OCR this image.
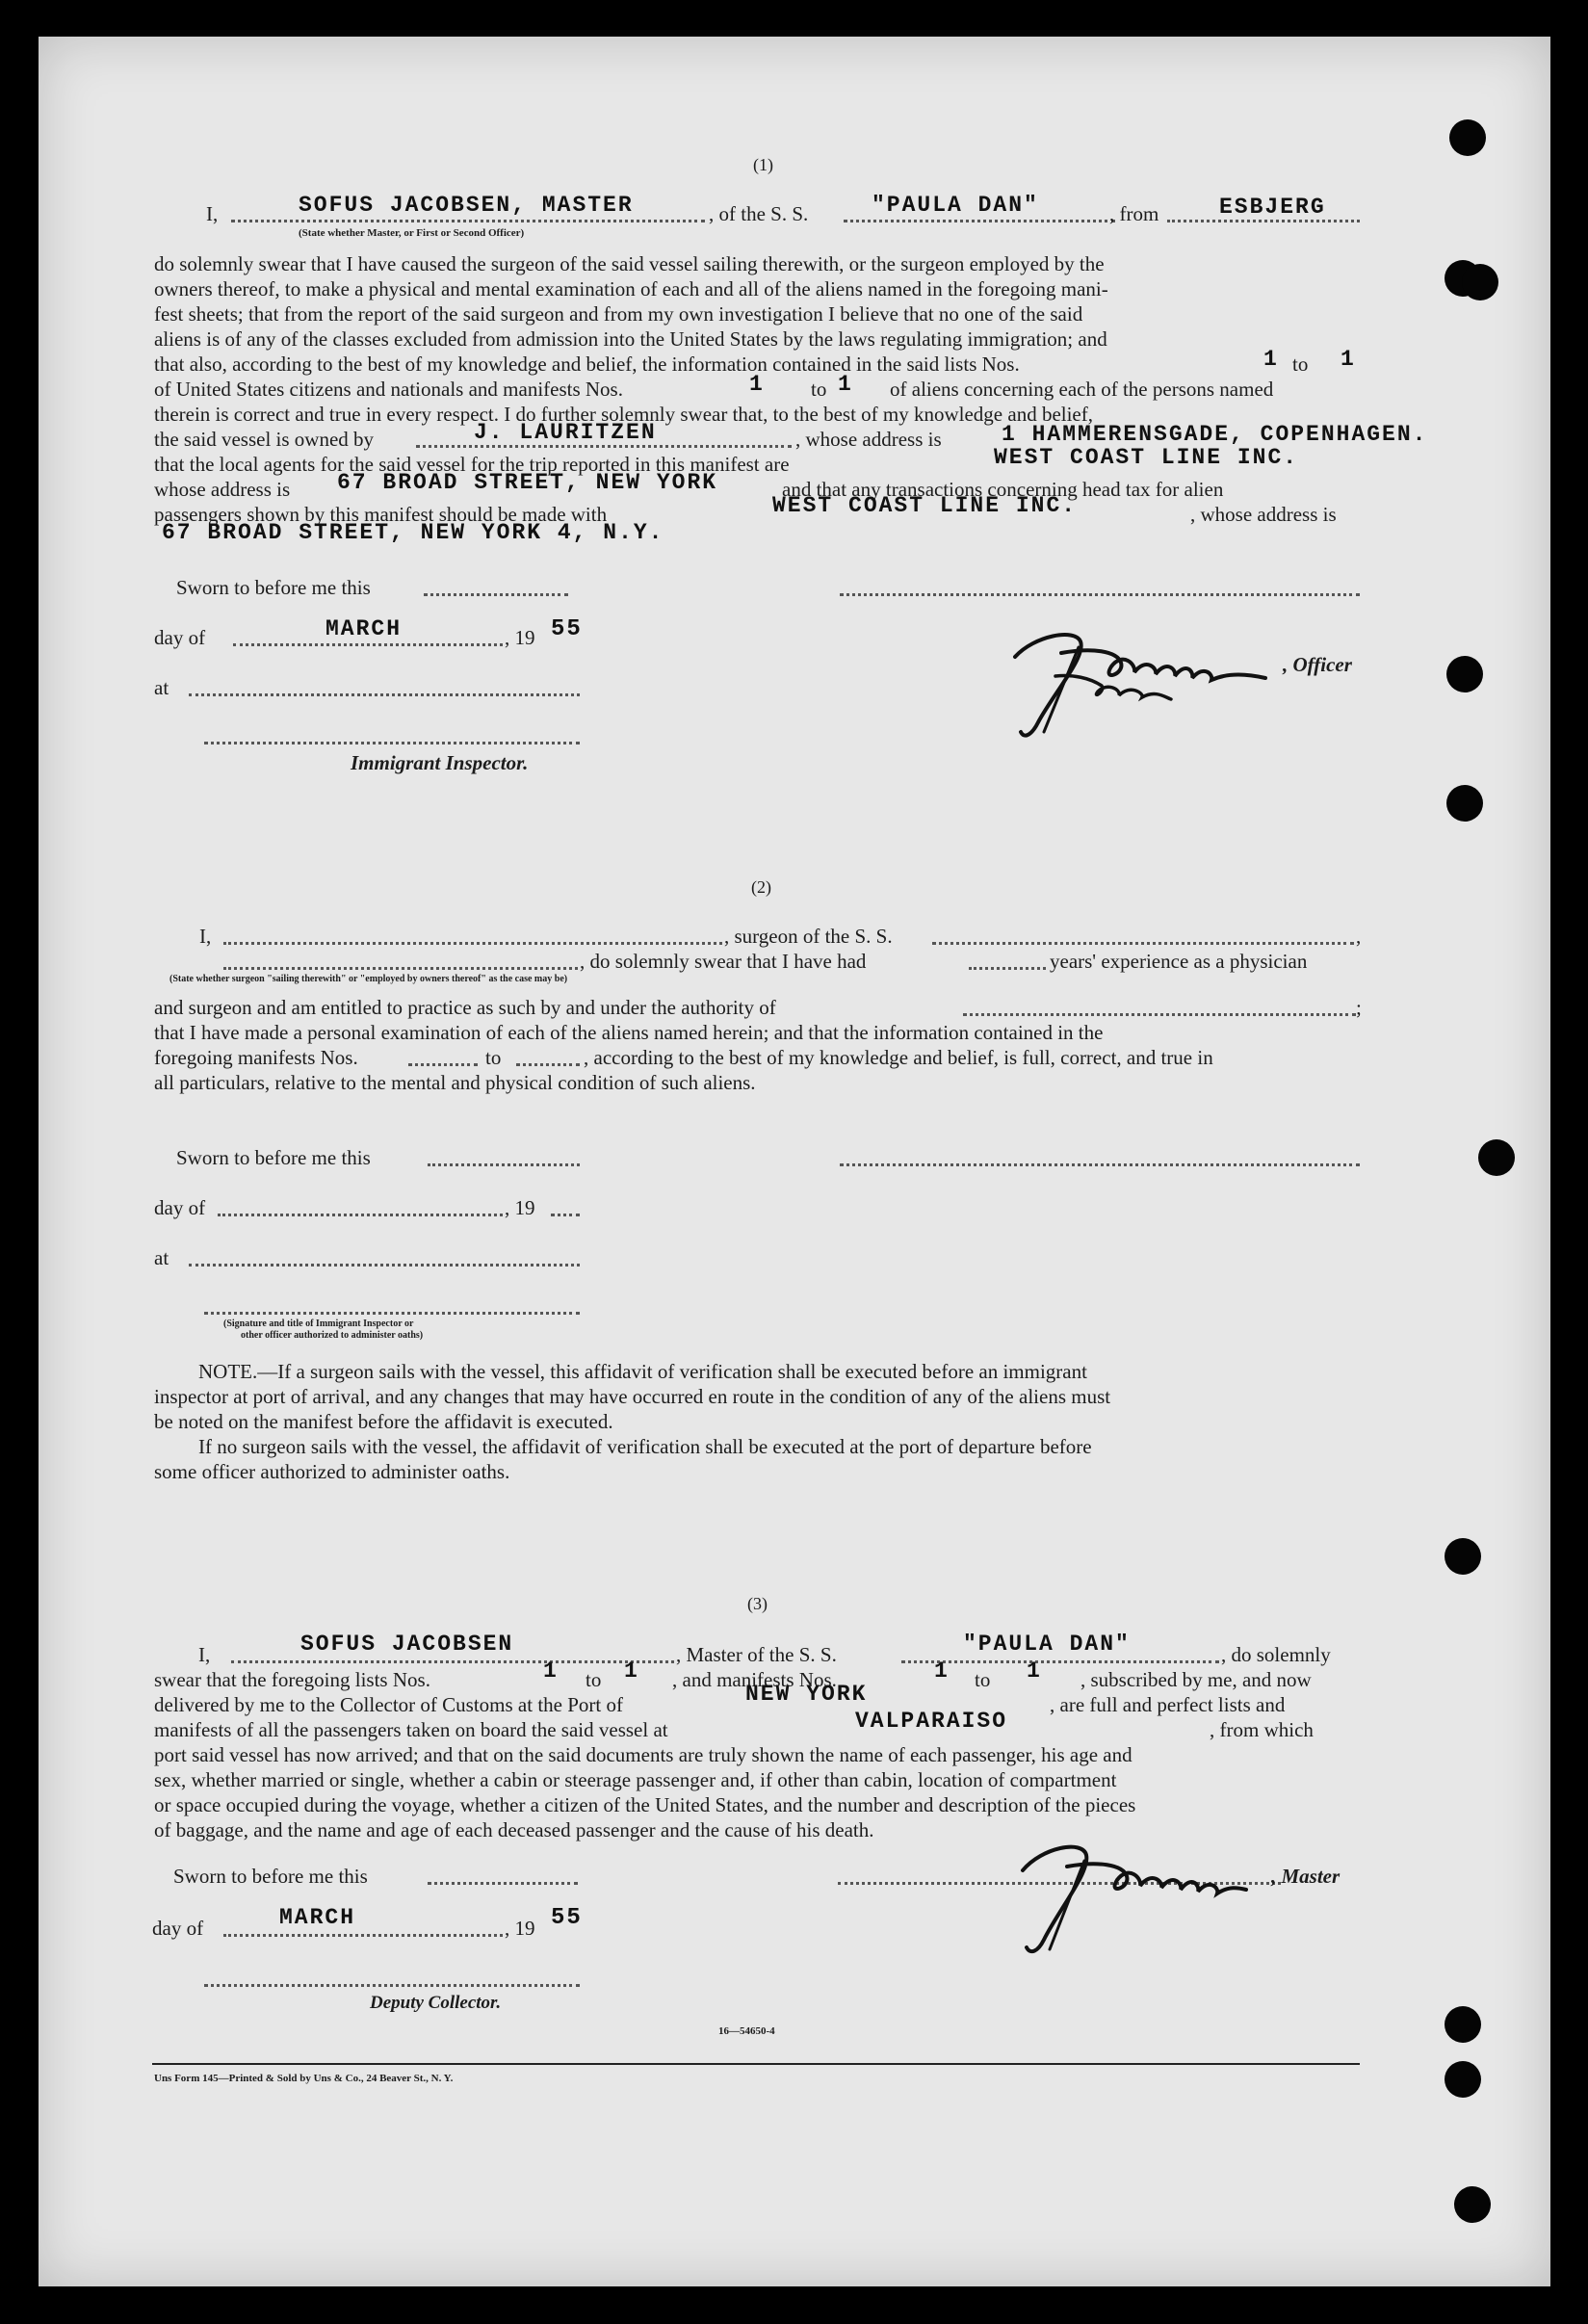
(1)
I,	SOFUS JACOBSEN, MASTER
(State whether Master, or First or Second Officer)
, of the S. S.	"PAULA DAN"	, from	ESBJERG
do solemnly swear that I have caused the surgeon of the said vessel sailing therewith, or the surgeon employed by the
owners thereof, to make a physical and mental examination of each and all of the aliens named in the foregoing mani-
fest sheets; that from the report of the said surgeon and from my own investigation I believe that no one of the said
aliens is of any of the classes excluded from admission into the United States by the laws regulating immigration; and
that also, according to the best of my knowledge and belief, the information contained in the said lists Nos.	1 to 1
of United States citizens and nationals and manifests Nos.	1 to 1 of aliens concerning each of the persons named
therein is correct and true in every respect. I do further solemnly swear that, to the best of my knowledge and belief,
the said vessel is owned by	J. LAURITZEN	, whose address is	1 HAMMERENSGADE, COPENHAGEN.
that the local agents for the said vessel for the trip reported in this manifest are	WEST COAST LINE INC.
whose address is 67 BROAD STREET, NEW YORK	and that any transactions concerning head tax for alien
passengers shown by this manifest should be made with	WEST COAST LINE INC.	, whose address is
67 BROAD STREET, NEW YORK 4, N.Y.
Sworn to before me this
day of	MARCH	, 19 55
at
, Officer
Immigrant Inspector.
(2)
I,	, surgeon of the S. S.	,
, do solemnly swear that I have had	years' experience as a physician
(State whether surgeon "sailing therewith" or "employed by owners thereof" as the case may be)
and surgeon and am entitled to practice as such by and under the authority of	;
that I have made a personal examination of each of the aliens named herein; and that the information contained in the
foregoing manifests Nos.	to	, according to the best of my knowledge and belief, is full, correct, and true in
all particulars, relative to the mental and physical condition of such aliens.
Sworn to before me this
day of	, 19
at
(Signature and title of Immigrant Inspector or
other officer authorized to administer oaths)
NOTE.—If a surgeon sails with the vessel, this affidavit of verification shall be executed before an immigrant
inspector at port of arrival, and any changes that may have occurred en route in the condition of any of the aliens must
be noted on the manifest before the affidavit is executed.
If no surgeon sails with the vessel, the affidavit of verification shall be executed at the port of departure before
some officer authorized to administer oaths.
(3)
I,	SOFUS JACOBSEN	, Master of the S. S.	"PAULA DAN"	, do solemnly
swear that the foregoing lists Nos.	1 to 1 , and manifests Nos.	1 to 1 , subscribed by me, and now
delivered by me to the Collector of Customs at the Port of	NEW YORK	, are full and perfect lists and
manifests of all the passengers taken on board the said vessel at	VALPARAISO	, from which
port said vessel has now arrived; and that on the said documents are truly shown the name of each passenger, his age and
sex, whether married or single, whether a cabin or steerage passenger and, if other than cabin, location of compartment
or space occupied during the voyage, whether a citizen of the United States, and the number and description of the pieces
of baggage, and the name and age of each deceased passenger and the cause of his death.
Sworn to before me this	, Master
day of	MARCH	, 19 55
Deputy Collector.
16—54650-4
Uns Form 145—Printed & Sold by Uns & Co., 24 Beaver St., N. Y.
